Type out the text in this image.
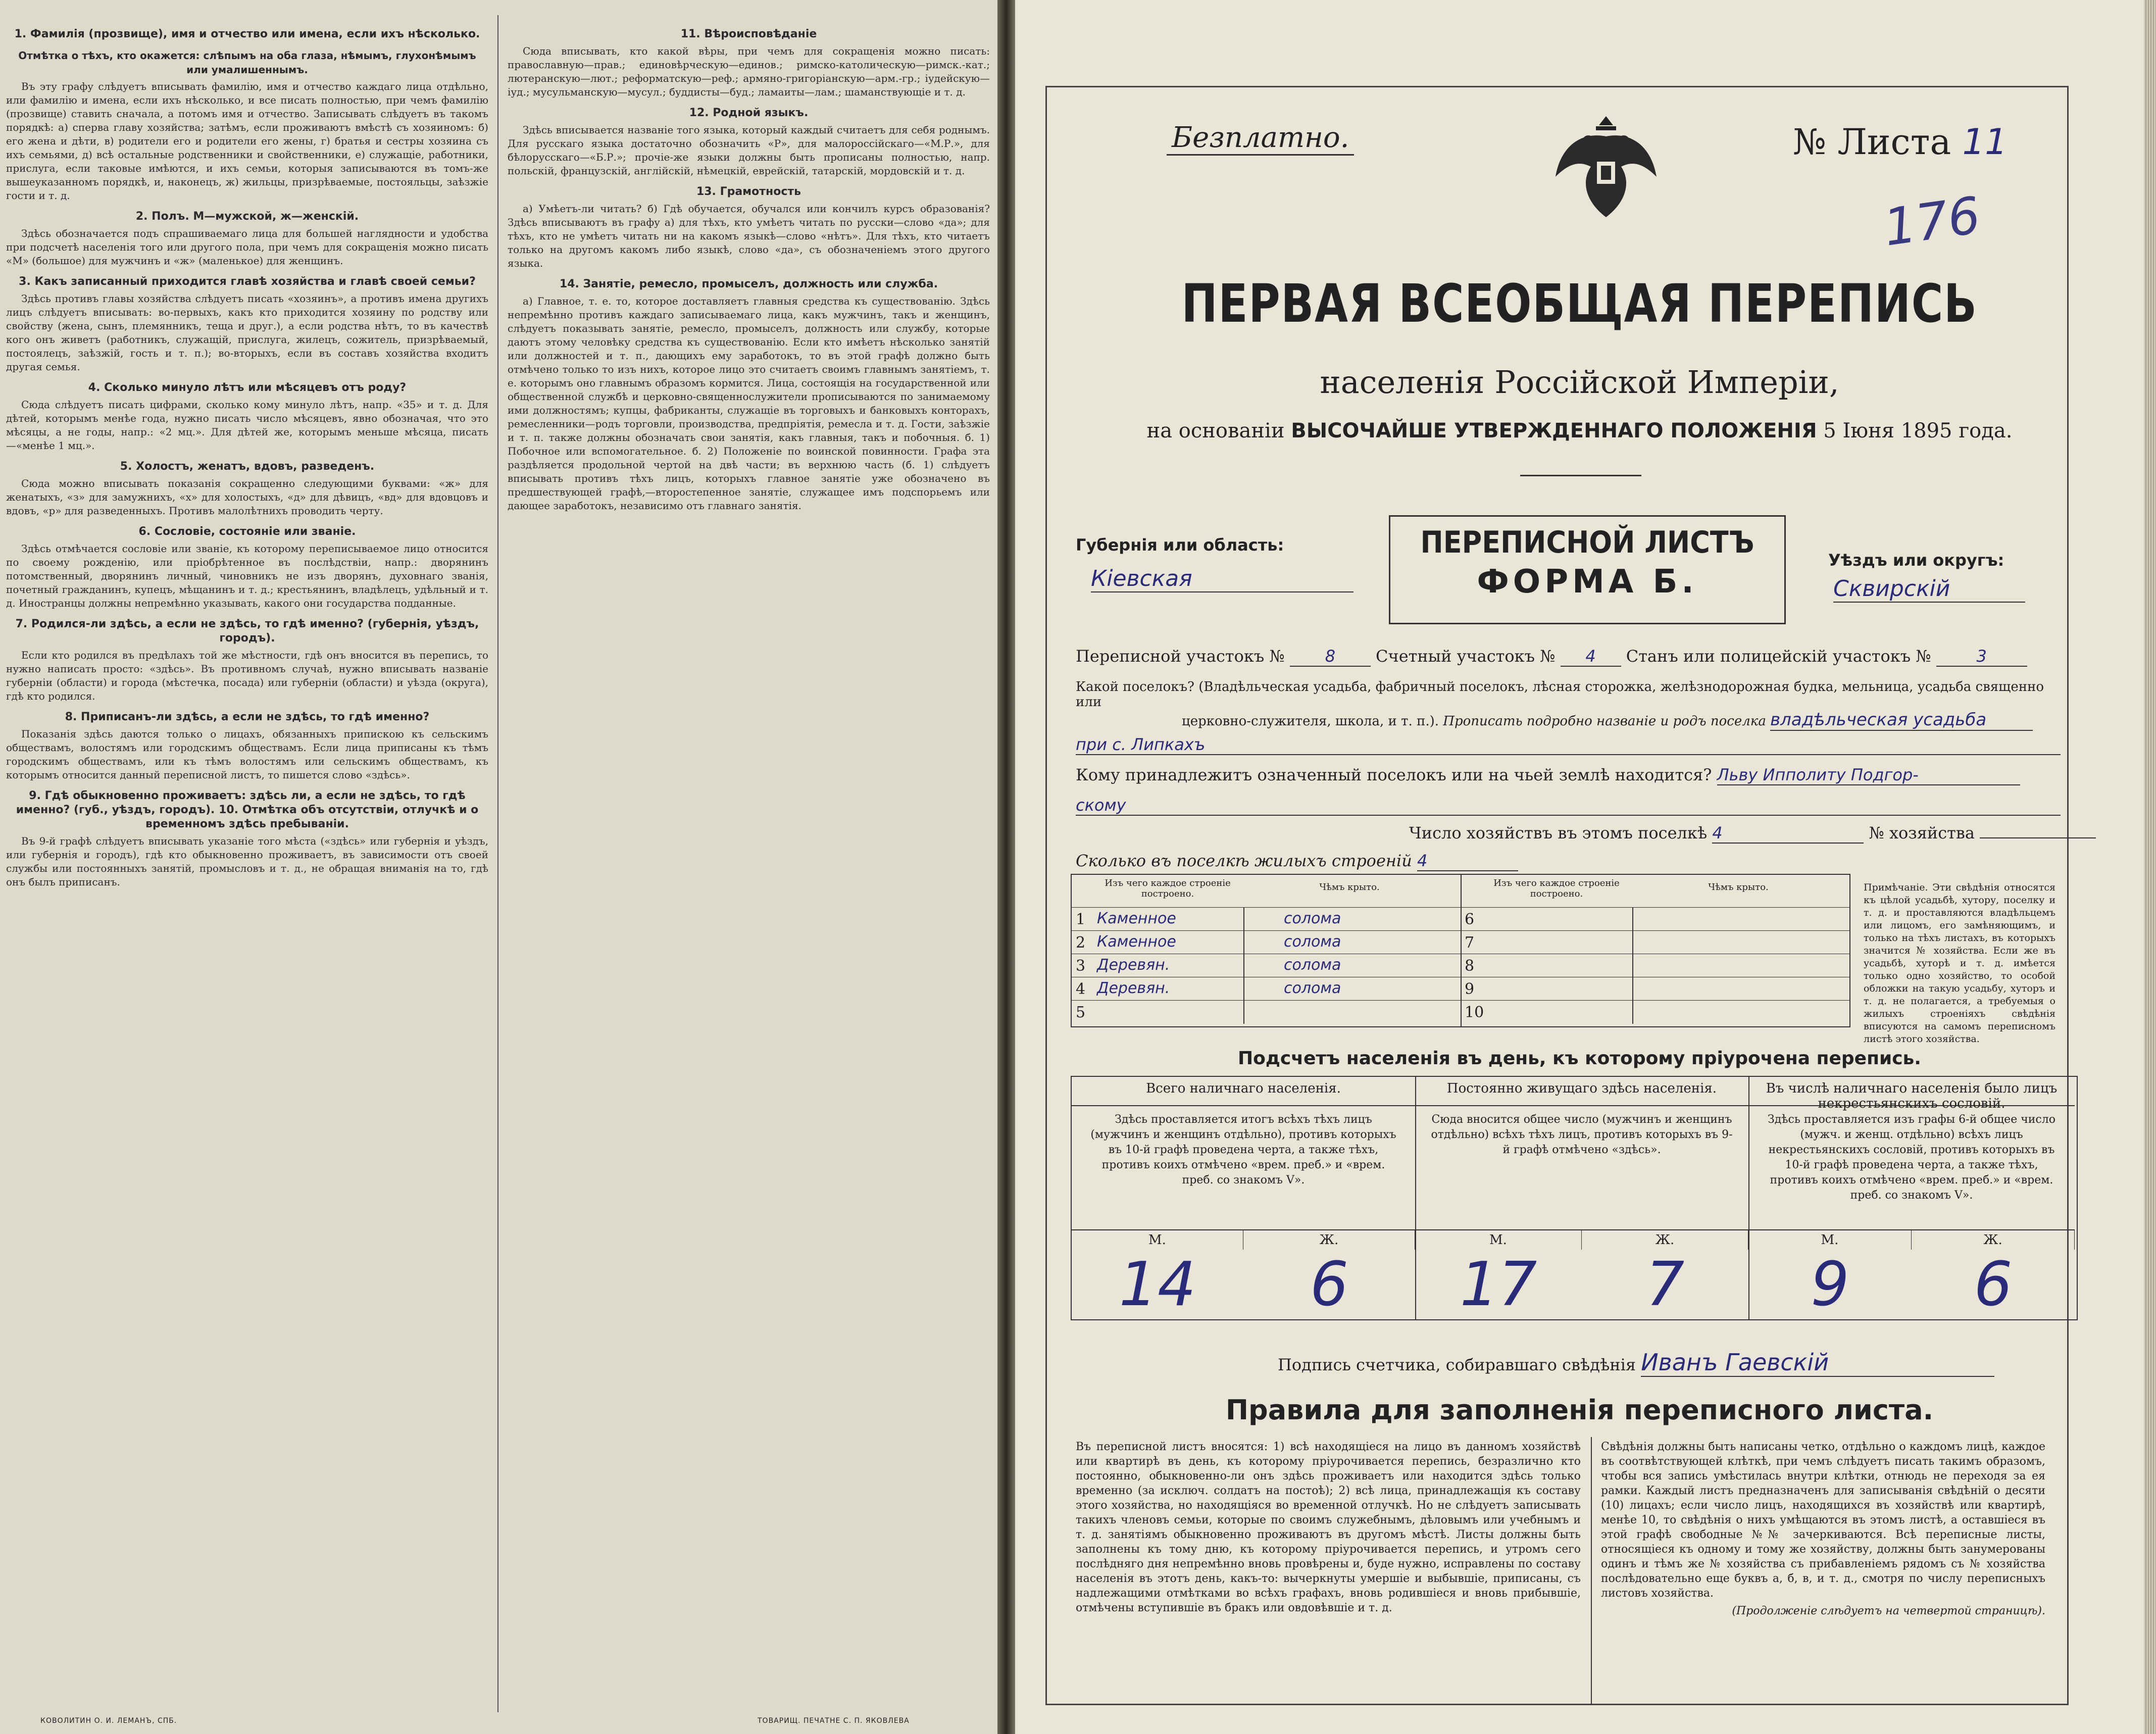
1. Фамилія (прозвище), имя и отчество или имена, если ихъ нѣсколько.
Отмѣтка о тѣхъ, кто окажется: слѣпымъ на оба глаза, нѣмымъ, глухонѣмымъ или умалишеннымъ.
Въ эту графу слѣдуетъ вписывать фамилію, имя и отчество каждаго лица отдѣльно, или фамилію и имена, если ихъ нѣсколько, и все писать полностью, при чемъ фамилію (прозвище) ставить сначала, а потомъ имя и отчество. Записывать слѣдуетъ въ такомъ порядкѣ: а) сперва главу хозяйства; затѣмъ, если проживаютъ вмѣстѣ съ хозяиномъ: б) его жена и дѣти, в) родители его и родители его жены, г) братья и сестры хозяина съ ихъ семьями, д) всѣ остальные родственники и свойственники, е) служащіе, работники, прислуга, если таковые имѣются, и ихъ семьи, которыя записываются въ томъ-же вышеуказанномъ порядкѣ, и, наконецъ, ж) жильцы, призрѣваемые, постояльцы, заѣзжіе гости и т. д.
2. Полъ. М—мужской, ж—женскій.
Здѣсь обозначается подъ спрашиваемаго лица для большей наглядности и удобства при подсчетѣ населенія того или другого пола, при чемъ для сокращенія можно писать «М» (большое) для мужчинъ и «ж» (маленькое) для женщинъ.
3. Какъ записанный приходится главѣ хозяйства и главѣ своей семьи?
Здѣсь противъ главы хозяйства слѣдуетъ писать «хозяинъ», а противъ имена другихъ лицъ слѣдуетъ вписывать: во-первыхъ, какъ кто приходится хозяину по родству или свойству (жена, сынъ, племянникъ, теща и друг.), а если родства нѣтъ, то въ качествѣ кого онъ живетъ (работникъ, служащій, прислуга, жилецъ, сожитель, призрѣваемый, постоялецъ, заѣзжій, гость и т. п.); во-вторыхъ, если въ составъ хозяйства входитъ другая семья.
4. Сколько минуло лѣтъ или мѣсяцевъ отъ роду?
Сюда слѣдуетъ писать цифрами, сколько кому минуло лѣтъ, напр. «35» и т. д. Для дѣтей, которымъ менѣе года, нужно писать число мѣсяцевъ, явно обозначая, что это мѣсяцы, а не годы, напр.: «2 мц.». Для дѣтей же, которымъ меньше мѣсяца, писать—«менѣе 1 мц.».
5. Холостъ, женатъ, вдовъ, разведенъ.
Сюда можно вписывать показанія сокращенно следующими буквами: «ж» для женатыхъ, «з» для замужнихъ, «х» для холостыхъ, «д» для дѣвицъ, «вд» для вдовцовъ и вдовъ, «р» для разведенныхъ. Противъ малолѣтнихъ проводить черту.
6. Сословіе, состояніе или званіе.
Здѣсь отмѣчается сословіе или званіе, къ которому переписываемое лицо относится по своему рожденію, или пріобрѣтенное въ послѣдствіи, напр.: дворянинъ потомственный, дворянинъ личный, чиновникъ не изъ дворянъ, духовнаго званія, почетный гражданинъ, купецъ, мѣщанинъ и т. д.; крестьянинъ, владѣлецъ, удѣльный и т. д. Иностранцы должны непремѣнно указывать, какого они государства подданные.
7. Родился-ли здѣсь, а если не здѣсь, то гдѣ именно? (губернія, уѣздъ, городъ).
Если кто родился въ предѣлахъ той же мѣстности, гдѣ онъ вносится въ перепись, то нужно написать просто: «здѣсь». Въ противномъ случаѣ, нужно вписывать названіе губерніи (области) и города (мѣстечка, посада) или губерніи (области) и уѣзда (округа), гдѣ кто родился.
8. Приписанъ-ли здѣсь, а если не здѣсь, то гдѣ именно?
Показанія здѣсь даются только о лицахъ, обязанныхъ припискою къ сельскимъ обществамъ, волостямъ или городскимъ обществамъ. Если лица приписаны къ тѣмъ городскимъ обществамъ, или къ тѣмъ волостямъ или сельскимъ обществамъ, къ которымъ относится данный переписной листъ, то пишется слово «здѣсь».
9. Гдѣ обыкновенно проживаетъ: здѣсь ли, а если не здѣсь, то гдѣ именно? (губ., уѣздъ, городъ). 10. Отмѣтка объ отсутствіи, отлучкѣ и о временномъ здѣсь пребываніи.
Въ 9-й графѣ слѣдуетъ вписывать указаніе того мѣста («здѣсь» или губернія и уѣздъ, или губернія и городъ), гдѣ кто обыкновенно проживаетъ, въ зависимости отъ своей службы или постоянныхъ занятій, промысловъ и т. д., не обращая вниманія на то, гдѣ онъ былъ приписанъ.
11. Вѣроисповѣданіе
Сюда вписывать, кто какой вѣры, при чемъ для сокращенія можно писать: православную—прав.; единовѣрческую—единов.; римско-католическую—римск.-кат.; лютеранскую—лют.; реформатскую—реф.; армяно-григоріанскую—арм.-гр.; іудейскую—іуд.; мусульманскую—мусул.; буддисты—буд.; ламаиты—лам.; шаманствующіе и т. д.
12. Родной языкъ.
Здѣсь вписывается названіе того языка, который каждый считаетъ для себя роднымъ. Для русскаго языка достаточно обозначить «Р», для малороссійскаго—«М.Р.», для бѣлорусскаго—«Б.Р.»; прочіе-же языки должны быть прописаны полностью, напр. польскій, французскій, англійскій, нѣмецкій, еврейскій, татарскій, мордовскій и т. д.
13. Грамотность
а) Умѣетъ-ли читать? б) Гдѣ обучается, обучался или кончилъ курсъ образованія? Здѣсь вписываютъ въ графу а) для тѣхъ, кто умѣетъ читать по русски—слово «да»; для тѣхъ, кто не умѣетъ читать ни на какомъ языкѣ—слово «нѣтъ». Для тѣхъ, кто читаетъ только на другомъ какомъ либо языкѣ, слово «да», съ обозначеніемъ этого другого языка.
14. Занятіе, ремесло, промыселъ, должность или служба.
а) Главное, т. е. то, которое доставляетъ главныя средства къ существованію. Здѣсь непремѣнно противъ каждаго записываемаго лица, какъ мужчинъ, такъ и женщинъ, слѣдуетъ показывать занятіе, ремесло, промыселъ, должность или службу, которые даютъ этому человѣку средства къ существованію. Если кто имѣетъ нѣсколько занятій или должностей и т. п., дающихъ ему заработокъ, то въ этой графѣ должно быть отмѣчено только то изъ нихъ, которое лицо это считаетъ своимъ главнымъ занятіемъ, т. е. которымъ оно главнымъ образомъ кормится. Лица, состоящія на государственной или общественной службѣ и церковно-священнослужители прописываются по занимаемому ими должностямъ; купцы, фабриканты, служащіе въ торговыхъ и банковыхъ конторахъ, ремесленники—родъ торговли, производства, предпріятія, ремесла и т. д. Гости, заѣзжіе и т. п. также должны обозначать свои занятія, какъ главныя, такъ и побочныя. б. 1) Побочное или вспомогательное. б. 2) Положеніе по воинской повинности. Графа эта раздѣляется продольной чертой на двѣ части; въ верхнюю часть (б. 1) слѣдуетъ вписывать противъ тѣхъ лицъ, которыхъ главное занятіе уже обозначено въ предшествующей графѣ,—второстепенное занятіе, служащее имъ подспорьемъ или дающее заработокъ, независимо отъ главнаго занятія.
КОВОЛИТИН О. И. ЛЕМАНЪ, СПБ.	ТОВАРИЩ. ПЕЧАТНЕ С. П. ЯКОВЛЕВА
Безплатно.	№ Листа 11
176
ПЕРВАЯ ВСЕОБЩАЯ ПЕРЕПИСЬ
населенія Россійской Имперіи,
на основаніи ВЫСОЧАЙШЕ УТВЕРЖДЕННАГО ПОЛОЖЕНІЯ 5 Іюня 1895 года.
Губернія или область:
Кіевская
ПЕРЕПИСНОЙ ЛИСТЪ
ФОРМА Б.
Уѣздъ или округъ:
Сквирскій
Переписной участокъ № 8	Счетный участокъ № 4 Станъ или полицейскій участокъ №	3
Какой поселокъ? (Владѣльческая усадьба, фабричный поселокъ, лѣсная сторожка, желѣзнодорожная будка, мельница, усадьба священно или
церковно-служителя, школа, и т. п.). Прописать подробно названіе и родъ поселка владѣльческая усадьба
при с. Липкахъ
Кому принадлежитъ означенный поселокъ или на чьей землѣ находится? Льву Ипполиту Подгор-
скому
Число хозяйствъ въ этомъ поселкѣ 4	№ хозяйства
Сколько въ поселкѣ жилыхъ строеній 4
Изъ чего каждое строеніе построено.
Чѣмъ крыто.
1 Каменное	солома
2 Каменное	солома
3 Деревян.	солома
4 Деревян.	солома
5
Изъ чего каждое строеніе построено.
Чѣмъ крыто.
6
7
8
9
10
Примѣчаніе. Эти свѣдѣнія относятся къ цѣлой усадьбѣ, хутору, поселку и т. д. и проставляются владѣльцемъ или лицомъ, его замѣняющимъ, и только на тѣхъ листахъ, въ которыхъ значится № хозяйства. Если же въ усадьбѣ, хуторѣ и т. д. имѣется только одно хозяйство, то особой обложки на такую усадьбу, хуторъ и т. д. не полагается, а требуемыя о жилыхъ строеніяхъ свѣдѣнія вписуются на самомъ переписномъ листѣ этого хозяйства.
Подсчетъ населенія въ день, къ которому пріурочена перепись.
Всего наличнаго населенія.
Здѣсь проставляется итогъ всѣхъ тѣхъ лицъ (мужчинъ и женщинъ отдѣльно), противъ которыхъ въ 10-й графѣ проведена черта, а также тѣхъ, противъ коихъ отмѣчено «врем. преб.» и «врем. преб. со знакомъ V».
М.	Ж.
14	6
Постоянно живущаго здѣсь населенія.
Сюда вносится общее число (мужчинъ и женщинъ отдѣльно) всѣхъ тѣхъ лицъ, противъ которыхъ въ 9-й графѣ отмѣчено «здѣсь».
М.	Ж.
17	7
Въ числѣ наличнаго населенія было лицъ некрестьянскихъ сословій.
Здѣсь проставляется изъ графы 6-й общее число (мужч. и женщ. отдѣльно) всѣхъ лицъ некрестьянскихъ сословій, противъ которыхъ въ 10-й графѣ проведена черта, а также тѣхъ, противъ коихъ отмѣчено «врем. преб.» и «врем. преб. со знакомъ V».
М.	Ж.
9	6
Подпись счетчика, собиравшаго свѣдѣнія Иванъ Гаевскій
Правила для заполненія переписного листа.
Въ переписной листъ вносятся: 1) всѣ находящіеся на лицо въ данномъ хозяйствѣ или квартирѣ въ день, къ которому пріурочивается перепись, безразлично кто постоянно, обыкновенно-ли онъ здѣсь проживаетъ или находится здѣсь только временно (за исключ. солдатъ на постоѣ); 2) всѣ лица, принадлежащія къ составу этого хозяйства, но находящіяся во временной отлучкѣ. Но не слѣдуетъ записывать такихъ членовъ семьи, которые по своимъ служебнымъ, дѣловымъ или учебнымъ и т. д. занятіямъ обыкновенно проживаютъ въ другомъ мѣстѣ. Листы должны быть заполнены къ тому дню, къ которому пріурочивается перепись, и утромъ сего послѣдняго дня непремѣнно вновь провѣрены и, буде нужно, исправлены по составу населенія въ этотъ день, какъ-то: вычеркнуты умершіе и выбывшіе, приписаны, съ надлежащими отмѣтками во всѣхъ графахъ, вновь родившіеся и вновь прибывшіе, отмѣчены вступившіе въ бракъ или овдовѣвшіе и т. д.
Свѣдѣнія должны быть написаны четко, отдѣльно о каждомъ лицѣ, каждое въ соотвѣтствующей клѣткѣ, при чемъ слѣдуетъ писать такимъ образомъ, чтобы вся запись умѣстилась внутри клѣтки, отнюдь не переходя за ея рамки. Каждый листъ предназначенъ для записыванія свѣдѣній о десяти (10) лицахъ; если число лицъ, находящихся въ хозяйствѣ или квартирѣ, менѣе 10, то свѣдѣнія о нихъ умѣщаются въ этомъ листѣ, а оставшіеся въ этой графѣ свободные №№ зачеркиваются. Всѣ переписные листы, относящіеся къ одному и тому же хозяйству, должны быть занумерованы одинъ и тѣмъ же № хозяйства съ прибавленіемъ рядомъ съ № хозяйства послѣдовательно еще буквъ а, б, в, и т. д., смотря по числу переписныхъ листовъ хозяйства.
(Продолженіе слѣдуетъ на четвертой страницѣ).
